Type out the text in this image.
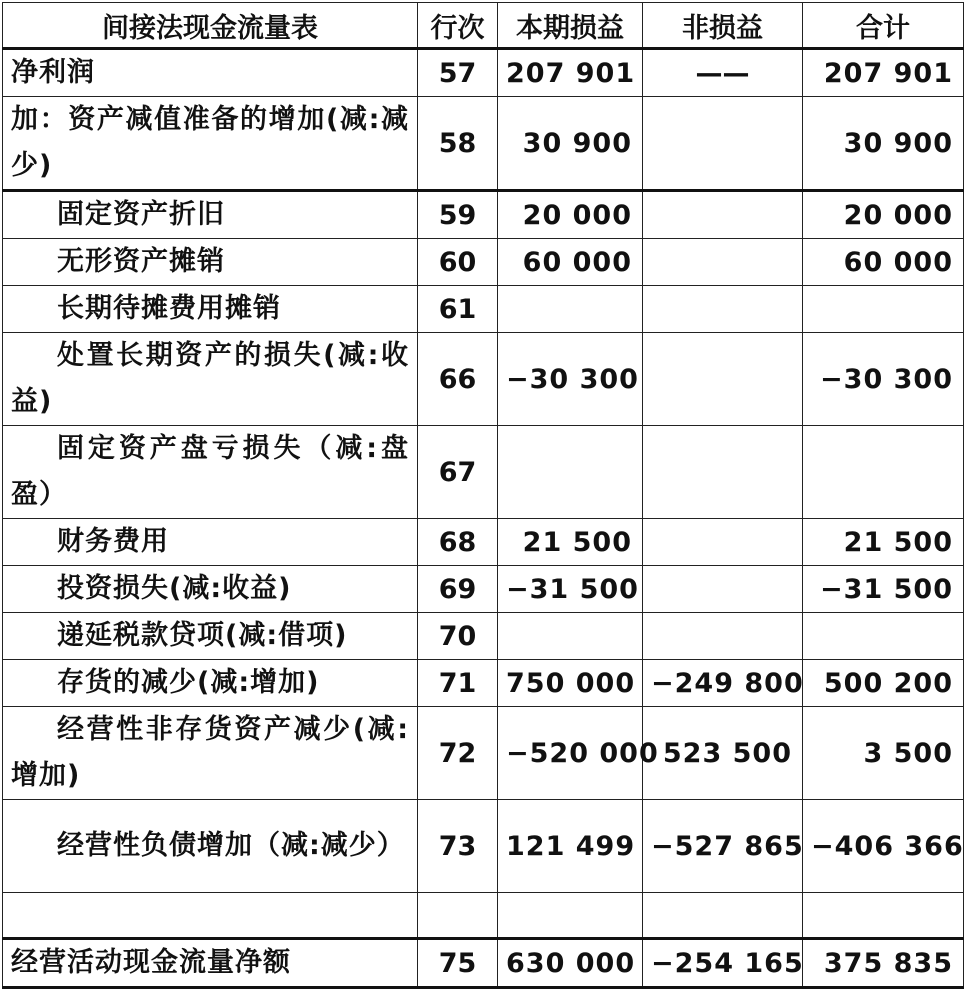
间接法现金流量表	行次	本期损益	非损益	合计
净利润	57	207 901	——	207 901
加：资产减值准备的增加(减:减少)	58	30 900		30 900
固定资产折旧	59	20 000		20 000
无形资产摊销	60	60 000		60 000
长期待摊费用摊销	61			
处置长期资产的损失(减:收益)	66	−30 300		−30 300
固定资产盘亏损失（减:盘盈）	67			
财务费用	68	21 500		21 500
投资损失(减:收益)	69	−31 500		−31 500
递延税款贷项(减:借项)	70			
存货的减少(减:增加)	71	750 000	−249 800	500 200
经营性非存货资产减少(减:增加)	72	−520 000	523 500	3 500
经营性负债增加（减:减少）	73	121 499	−527 865	−406 366

经营活动现金流量净额	75	630 000	−254 165	375 835
